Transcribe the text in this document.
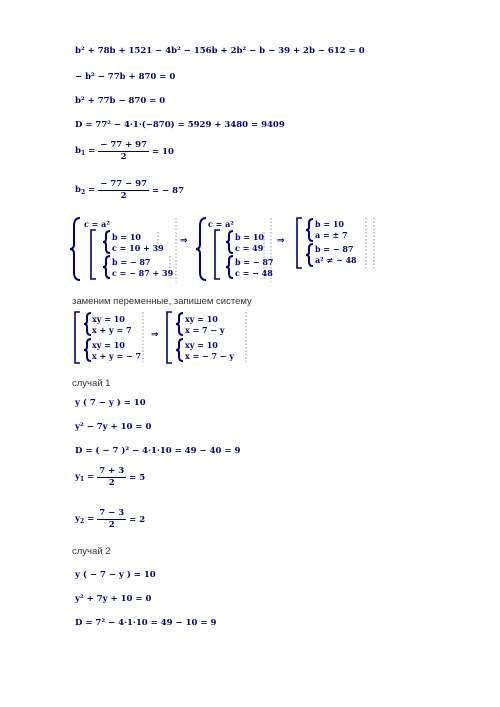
b² + 78b + 1521 − 4b² − 156b + 2b² − b − 39 + 2b − 612 = 0
− b² − 77b + 870 = 0
b² + 77b − 870 = 0
D = 77² − 4·1·(−870) = 5929 + 3480 = 9409
$b_1 = \frac{- 77 + 97}{2} = 10$
$b_2 = \frac{- 77 - 97}{2}$ = − 87
c = a²
b = 10
c = 10 + 39
b = − 87
c = − 87 + 39
⇒
c = a²
b = 10
c = 49
b = − 87
c = − 48
⇒
b = 10
a = ± 7
b = − 87
a² ≠ − 48
заменим переменные, запишем систему
xy = 10
x + y = 7
xy = 10
x + y = − 7
⇒
xy = 10
x = 7 − y
xy = 10
x = − 7 − y
случай 1
y ( 7 − y ) = 10
y² − 7y + 10 = 0
D = ( − 7 )² − 4·1·10 = 49 − 40 = 9
$y_1 = \frac{7 + 3}{2} = 5$
$y_2 = \frac{7 - 3}{2} = 2$
случай 2
y ( − 7 − y ) = 10
y² + 7y + 10 = 0
D = 7² − 4·1·10 = 49 − 10 = 9
